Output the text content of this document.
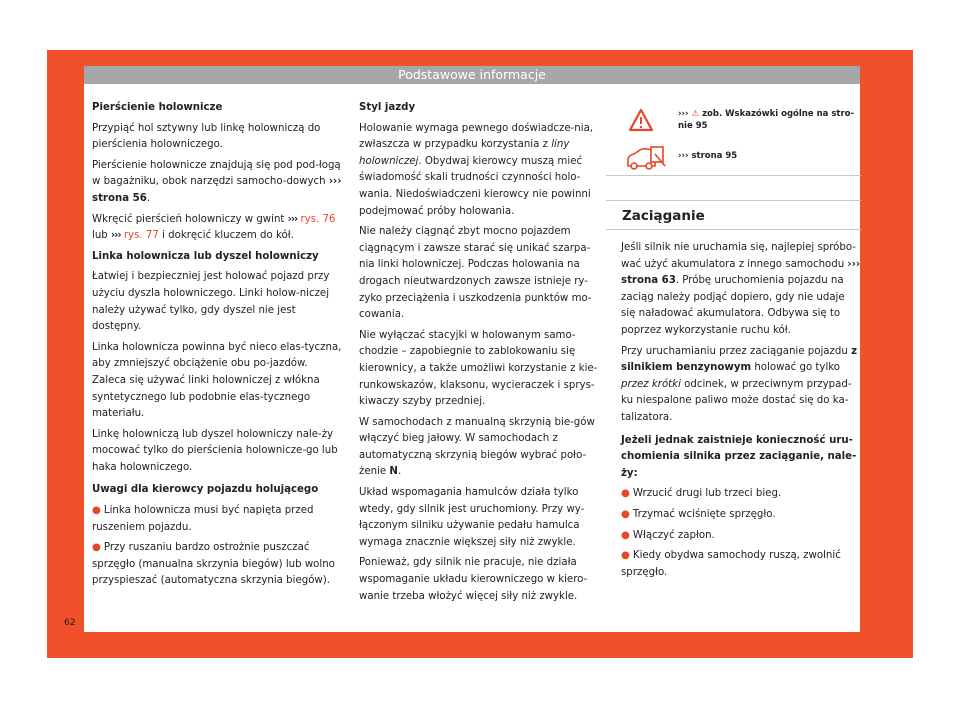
Podstawowe informacje

Pierścienie holownicze

Przypiąć hol sztywny lub linkę holowniczą do pierścienia holowniczego.

Pierścienie holownicze znajdują się pod pod-łogą w bagażniku, obok narzędzi samocho-dowych ››› strona 56.

Wkręcić pierścień holowniczy w gwint ››› rys. 76 lub ››› rys. 77 i dokręcić kluczem do kół.

Linka holownicza lub dyszel holowniczy

Łatwiej i bezpieczniej jest holować pojazd przy użyciu dyszla holowniczego. Linki holow-niczej należy używać tylko, gdy dyszel nie jest dostępny.

Linka holownicza powinna być nieco elas-tyczna, aby zmniejszyć obciążenie obu po-jazdów. Zaleca się używać linki holowniczej z włókna syntetycznego lub podobnie elas-tycznego materiału.

Linkę holowniczą lub dyszel holowniczy nale-ży mocować tylko do pierścienia holownicze-go lub haka holowniczego.

Uwagi dla kierowcy pojazdu holującego

● Linka holownicza musi być napięta przed ruszeniem pojazdu.

● Przy ruszaniu bardzo ostrożnie puszczać sprzęgło (manualna skrzynia biegów) lub wolno przyspieszać (automatyczna skrzynia biegów).

62

Styl jazdy

Holowanie wymaga pewnego doświadcze-nia, zwłaszcza w przypadku korzystania z liny holowniczej. Obydwaj kierowcy muszą mieć świadomość skali trudności czynności holo-wania. Niedoświadczeni kierowcy nie powinni podejmować próby holowania.

Nie należy ciągnąć zbyt mocno pojazdem ciągnącym i zawsze starać się unikać szarpa-nia linki holowniczej. Podczas holowania na drogach nieutwardzonych zawsze istnieje ry-zyko przeciążenia i uszkodzenia punktów mo-cowania.

Nie wyłączać stacyjki w holowanym samo-chodzie – zapobiegnie to zablokowaniu się kierownicy, a także umożliwi korzystanie z kie-runkowskazów, klaksonu, wycieraczek i sprys-kiwaczy szyby przedniej.

W samochodach z manualną skrzynią bie-gów włączyć bieg jałowy. W samochodach z automatyczną skrzynią biegów wybrać poło-żenie N.

Układ wspomagania hamulców działa tylko wtedy, gdy silnik jest uruchomiony. Przy wy-łączonym silniku używanie pedału hamulca wymaga znacznie większej siły niż zwykle.

Ponieważ, gdy silnik nie pracuje, nie działa wspomaganie układu kierowniczego w kiero-wanie trzeba włożyć więcej siły niż zwykle.

››› ⚠ zob. Wskazówki ogólne na stro-nie 95
››› strona 95
Zaciąganie

Jeśli silnik nie uruchamia się, najlepiej spróbo-wać użyć akumulatora z innego samochodu ››› strona 63. Próbę uruchomienia pojazdu na zaciąg należy podjąć dopiero, gdy nie udaje się naładować akumulatora. Odbywa się to poprzez wykorzystanie ruchu kół.

Przy uruchamianiu przez zaciąganie pojazdu z silnikiem benzynowym holować go tylko przez krótki odcinek, w przeciwnym przypad-ku niespalone paliwo może dostać się do ka-talizatora.

Jeżeli jednak zaistnieje konieczność uru-chomienia silnika przez zaciąganie, nale-ży:

● Wrzucić drugi lub trzeci bieg.

● Trzymać wciśnięte sprzęgło.

● Włączyć zapłon.

● Kiedy obydwa samochody ruszą, zwolnić sprzęgło.
